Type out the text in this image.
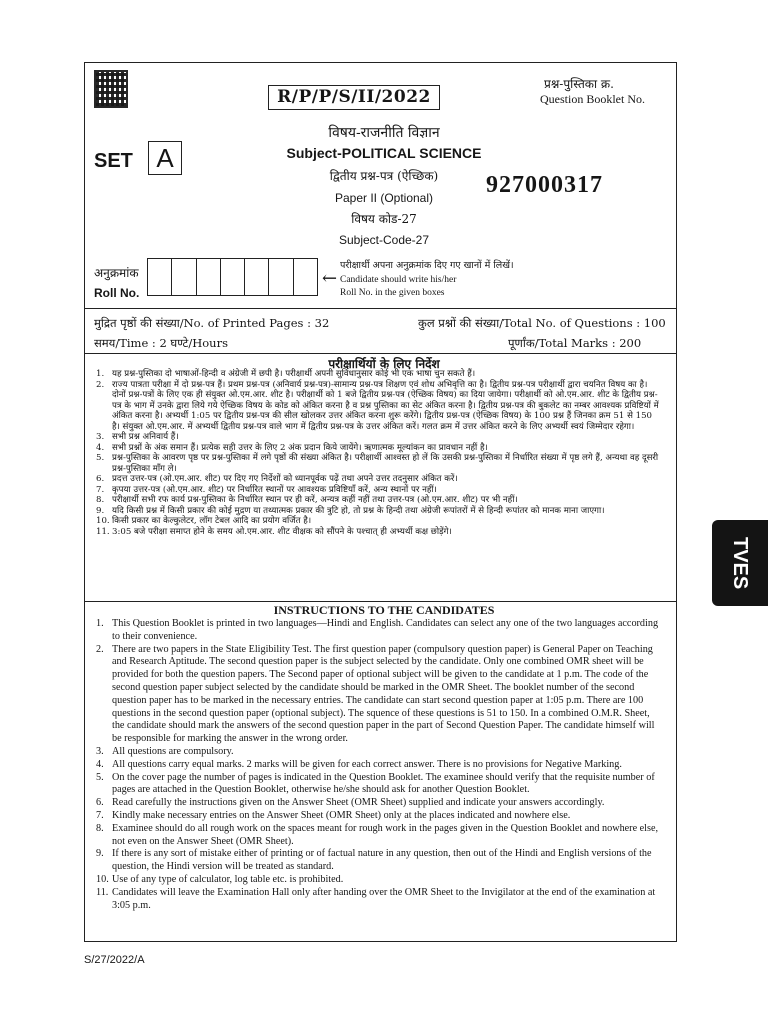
R/P/P/S/II/2022
प्रश्न-पुस्तिका क्र.
Question Booklet No.
विषय-राजनीति विज्ञान
Subject-POLITICAL SCIENCE
द्वितीय प्रश्न-पत्र (ऐच्छिक)
Paper II (Optional)
विषय कोड-27
Subject-Code-27
SET A
927000317
अनुक्रमांक
Roll No.
←
परीक्षार्थी अपना अनुक्रमांक दिए गए खानों में लिखें।
Candidate should write his/her
Roll No. in the given boxes
मुद्रित पृष्ठों की संख्या/No. of Printed Pages : 32	कुल प्रश्नों की संख्या/Total No. of Questions : 100
समय/Time : 2 घण्टे/Hours	पूर्णांक/Total Marks : 200
परीक्षार्थियों के लिए निर्देश
1. यह प्रश्न-पुस्तिका दो भाषाओं-हिन्दी व अंग्रेजी में छपी है। परीक्षार्थी अपनी सुविधानुसार कोई भी एक भाषा चुन सकते हैं।
2. राज्य पात्रता परीक्षा में दो प्रश्न-पत्र हैं। प्रथम प्रश्न-पत्र (अनिवार्य प्रश्न-पत्र)-सामान्य प्रश्न-पत्र शिक्षण एवं शोध अभिवृत्ति का है। द्वितीय प्रश्न-पत्र परीक्षार्थी द्वारा चयनित विषय का है। दोनों प्रश्न-पत्रों के लिए एक ही संयुक्त ओ.एम.आर. शीट है। परीक्षार्थी को 1 बजे द्वितीय प्रश्न-पत्र (ऐच्छिक विषय) का दिया जायेगा। परीक्षार्थी को ओ.एम.आर. शीट के द्वितीय प्रश्न-पत्र के भाग में उनके द्वारा लिये गये ऐच्छिक विषय के कोड को अंकित करना है व प्रश्न पुस्तिका का सेट अंकित करना है। द्वितीय प्रश्न-पत्र की बुकलेट का नम्बर आवश्यक प्रविष्टियों में अंकित करना है। अभ्यर्थी 1:05 पर द्वितीय प्रश्न-पत्र की सील खोलकर उत्तर अंकित करना शुरू करेंगे। द्वितीय प्रश्न-पत्र (ऐच्छिक विषय) के 100 प्रश्न हैं जिनका क्रम 51 से 150 है। संयुक्त ओ.एम.आर. में अभ्यर्थी द्वितीय प्रश्न-पत्र वाले भाग में द्वितीय प्रश्न-पत्र के उत्तर अंकित करें। गलत क्रम में उत्तर अंकित करने के लिए अभ्यर्थी स्वयं जिम्मेदार रहेगा।
3. सभी प्रश्न अनिवार्य हैं।
4. सभी प्रश्नों के अंक समान हैं। प्रत्येक सही उत्तर के लिए 2 अंक प्रदान किये जायेंगे। ऋणात्मक मूल्यांकन का प्रावधान नहीं है।
5. प्रश्न-पुस्तिका के आवरण पृष्ठ पर प्रश्न-पुस्तिका में लगे पृष्ठों की संख्या अंकित है। परीक्षार्थी आश्वस्त हो लें कि उसकी प्रश्न-पुस्तिका में निर्धारित संख्या में पृष्ठ लगे हैं, अन्यथा वह दूसरी प्रश्न-पुस्तिका माँग ले।
6. प्रदत्त उत्तर-पत्र (ओ.एम.आर. शीट) पर दिए गए निर्देशों को ध्यानपूर्वक पढ़ें तथा अपने उत्तर तदनुसार अंकित करें।
7. कृपया उत्तर-पत्र (ओ.एम.आर. शीट) पर निर्धारित स्थानों पर आवश्यक प्रविष्टियाँ करें, अन्य स्थानों पर नहीं।
8. परीक्षार्थी सभी रफ कार्य प्रश्न-पुस्तिका के निर्धारित स्थान पर ही करें, अन्यत्र कहीं नहीं तथा उत्तर-पत्र (ओ.एम.आर. शीट) पर भी नहीं।
9. यदि किसी प्रश्न में किसी प्रकार की कोई मुद्रण या तथ्यात्मक प्रकार की त्रुटि हो, तो प्रश्न के हिन्दी तथा अंग्रेजी रूपांतरों में से हिन्दी रूपांतर को मानक माना जाएगा।
10. किसी प्रकार का केल्कुलेटर, लॉग टेबल आदि का प्रयोग वर्जित है।
11. 3:05 बजे परीक्षा समाप्त होने के समय ओ.एम.आर. शीट वीक्षक को सौंपने के पश्चात् ही अभ्यर्थी कक्ष छोड़ेंगे।
INSTRUCTIONS TO THE CANDIDATES
1. This Question Booklet is printed in two languages—Hindi and English. Candidates can select any one of the two languages according to their convenience.
2. There are two papers in the State Eligibility Test. The first question paper (compulsory question paper) is General Paper on Teaching and Research Aptitude. The second question paper is the subject selected by the candidate. Only one combined OMR sheet will be provided for both the question papers. The Second paper of optional subject will be given to the candidate at 1 p.m. The code of the second question paper subject selected by the candidate should be marked in the OMR Sheet. The booklet number of the second question paper has to be marked in the necessary entries. The candidate can start second question paper at 1:05 p.m. There are 100 questions in the second question paper (optional subject). The squence of these questions is 51 to 150. In a combined O.M.R. Sheet, the candidate should mark the answers of the second question paper in the part of Second Question Paper. The candidate himself will be responsible for marking the answer in the wrong order.
3. All questions are compulsory.
4. All questions carry equal marks. 2 marks will be given for each correct answer. There is no provisions for Negative Marking.
5. On the cover page the number of pages is indicated in the Question Booklet. The examinee should verify that the requisite number of pages are attached in the Question Booklet, otherwise he/she should ask for another Question Booklet.
6. Read carefully the instructions given on the Answer Sheet (OMR Sheet) supplied and indicate your answers accordingly.
7. Kindly make necessary entries on the Answer Sheet (OMR Sheet) only at the places indicated and nowhere else.
8. Examinee should do all rough work on the spaces meant for rough work in the pages given in the Question Booklet and nowhere else, not even on the Answer Sheet (OMR Sheet).
9. If there is any sort of mistake either of printing or of factual nature in any question, then out of the Hindi and English versions of the question, the Hindi version will be treated as standard.
10. Use of any type of calculator, log table etc. is prohibited.
11. Candidates will leave the Examination Hall only after handing over the OMR Sheet to the Invigilator at the end of the examination at 3:05 p.m.
TVES
S/27/2022/A
